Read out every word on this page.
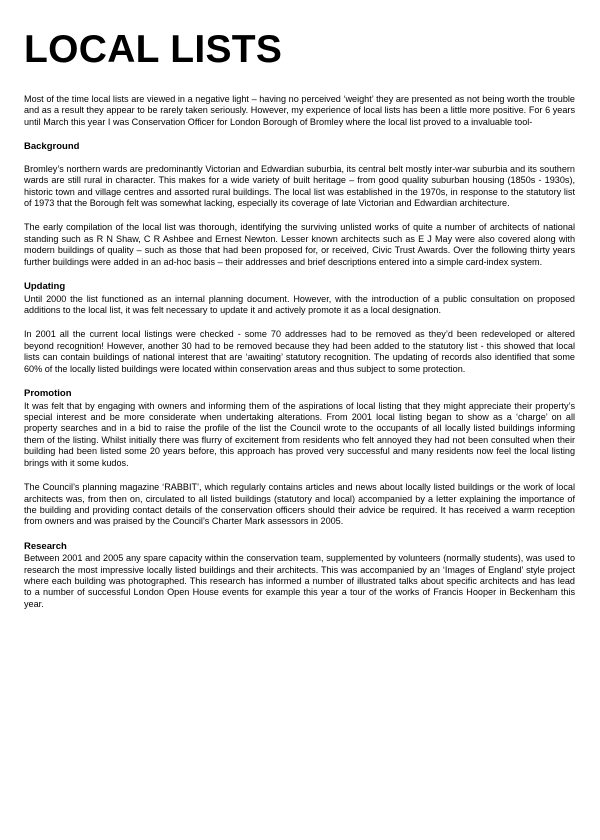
LOCAL LISTS

Most of the time local lists are viewed in a negative light – having no perceived ‘weight’ they are presented as not being worth the trouble and as a result they appear to be rarely taken seriously. However, my experience of local lists has been a little more positive. For 6 years until March this year I was Conservation Officer for London Borough of Bromley where the local list proved to a invaluable tool-

Background

Bromley’s northern wards are predominantly Victorian and Edwardian suburbia, its central belt mostly inter-war suburbia and its southern wards are still rural in character. This makes for a wide variety of built heritage – from good quality suburban housing (1850s - 1930s), historic town and village centres and assorted rural buildings. The local list was established in the 1970s, in response to the statutory list of 1973 that the Borough felt was somewhat lacking, especially its coverage of late Victorian and Edwardian architecture.

The early compilation of the local list was thorough, identifying the surviving unlisted works of quite a number of architects of national standing such as R N Shaw, C R Ashbee and Ernest Newton. Lesser known architects such as E J May were also covered along with modern buildings of quality – such as those that had been proposed for, or received, Civic Trust Awards. Over the following thirty years further buildings were added in an ad-hoc basis – their addresses and brief descriptions entered into a simple card-index system.

Updating

Until 2000 the list functioned as an internal planning document. However, with the introduction of a public consultation on proposed additions to the local list, it was felt necessary to update it and actively promote it as a local designation.

In 2001 all the current local listings were checked - some 70 addresses had to be removed as they’d been redeveloped or altered beyond recognition! However, another 30 had to be removed because they had been added to the statutory list - this showed that local lists can contain buildings of national interest that are ‘awaiting’ statutory recognition. The updating of records also identified that some 60% of the locally listed buildings were located within conservation areas and thus subject to some protection.

Promotion

It was felt that by engaging with owners and informing them of the aspirations of local listing that they might appreciate their property’s special interest and be more considerate when undertaking alterations. From 2001 local listing began to show as a ‘charge’ on all property searches and in a bid to raise the profile of the list the Council wrote to the occupants of all locally listed buildings informing them of the listing. Whilst initially there was flurry of excitement from residents who felt annoyed they had not been consulted when their building had been listed some 20 years before, this approach has proved very successful and many residents now feel the local listing brings with it some kudos.

The Council’s planning magazine ‘RABBIT’, which regularly contains articles and news about locally listed buildings or the work of local architects was, from then on, circulated to all listed buildings (statutory and local) accompanied by a letter explaining the importance of the building and providing contact details of the conservation officers should their advice be required. It has received a warm reception from owners and was praised by the Council’s Charter Mark assessors in 2005.

Research

Between 2001 and 2005 any spare capacity within the conservation team, supplemented by volunteers (normally students), was used to research the most impressive locally listed buildings and their architects. This was accompanied by an ‘Images of England’ style project where each building was photographed. This research has informed a number of illustrated talks about specific architects and has lead to a number of successful London Open House events for example this year a tour of the works of Francis Hooper in Beckenham this year.
